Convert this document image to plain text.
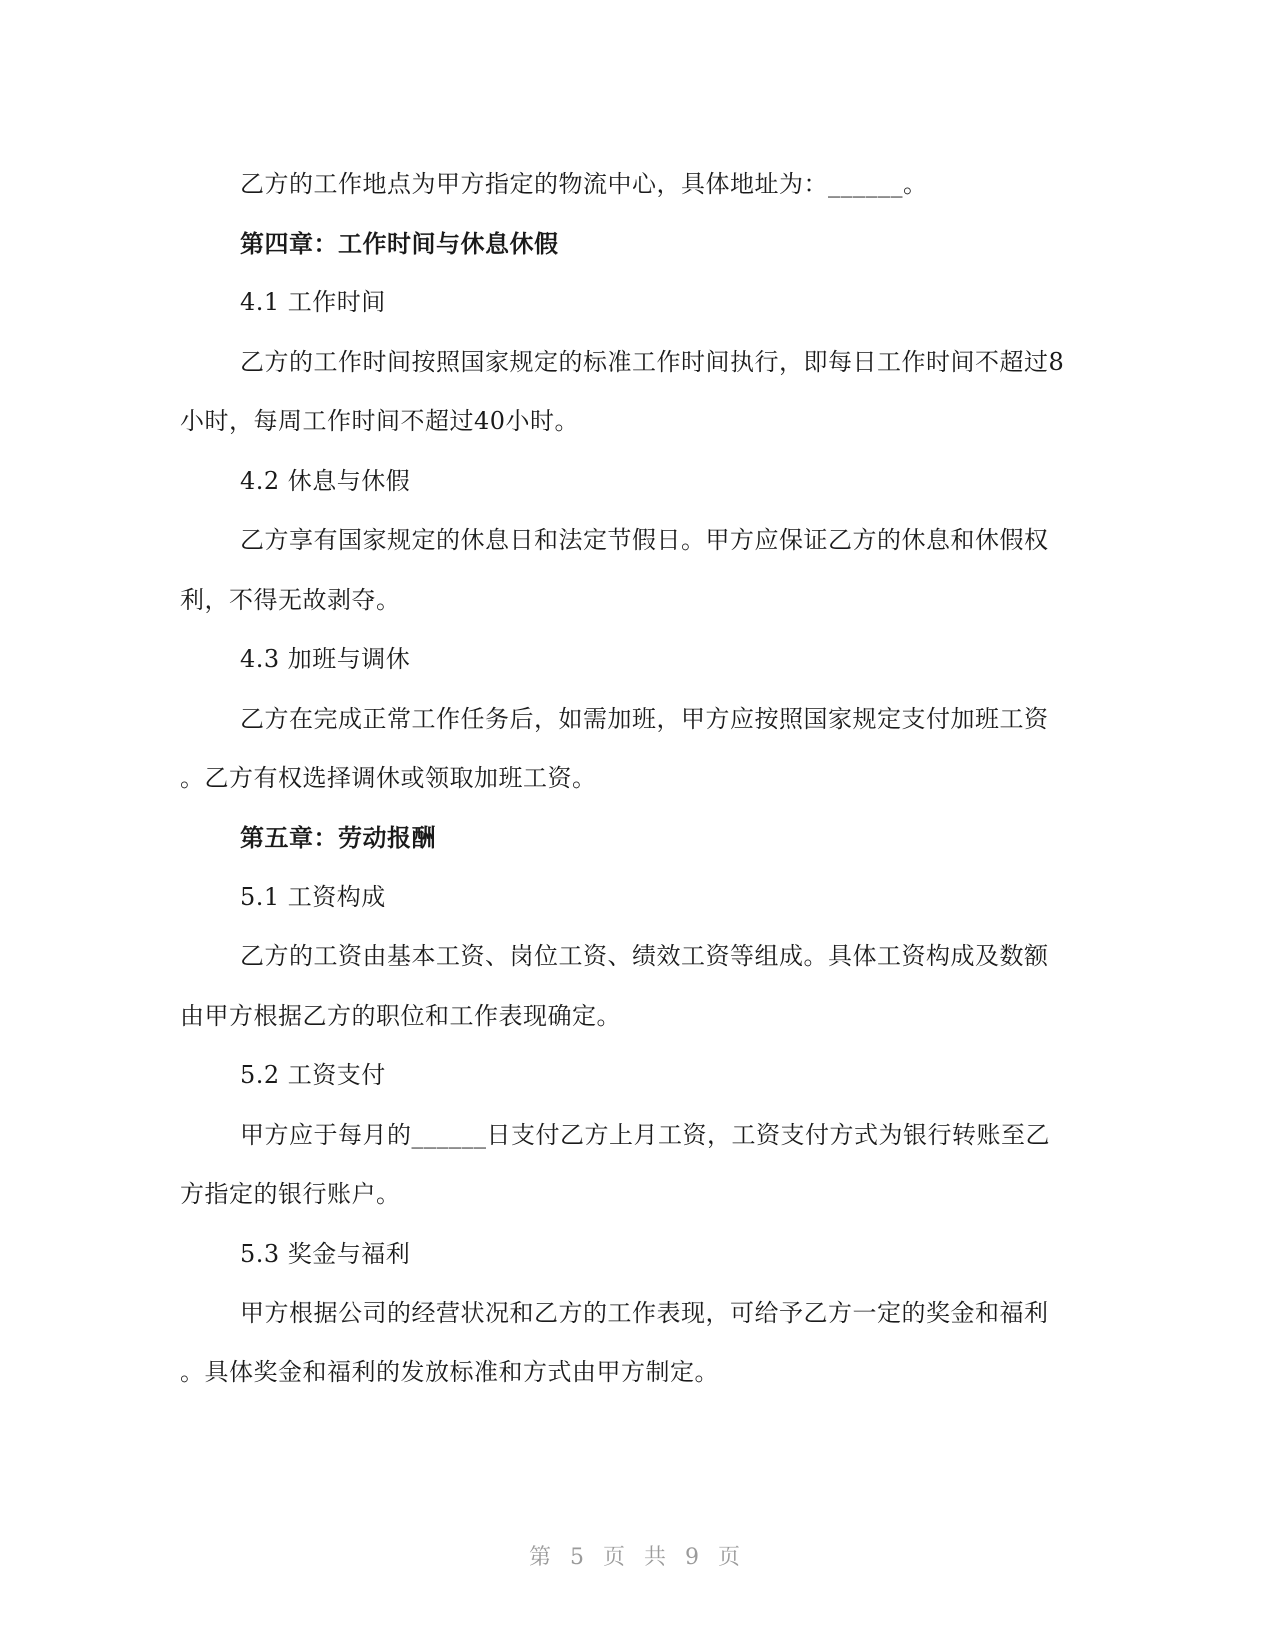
乙方的工作地点为甲方指定的物流中心，具体地址为：______。
第四章：工作时间与休息休假
4.1 工作时间
乙方的工作时间按照国家规定的标准工作时间执行，即每日工作时间不超过8
小时，每周工作时间不超过40小时。
4.2 休息与休假
乙方享有国家规定的休息日和法定节假日。甲方应保证乙方的休息和休假权
利，不得无故剥夺。
4.3 加班与调休
乙方在完成正常工作任务后，如需加班，甲方应按照国家规定支付加班工资
。乙方有权选择调休或领取加班工资。
第五章：劳动报酬
5.1 工资构成
乙方的工资由基本工资、岗位工资、绩效工资等组成。具体工资构成及数额
由甲方根据乙方的职位和工作表现确定。
5.2 工资支付
甲方应于每月的______日支付乙方上月工资，工资支付方式为银行转账至乙
方指定的银行账户。
5.3 奖金与福利
甲方根据公司的经营状况和乙方的工作表现，可给予乙方一定的奖金和福利
。具体奖金和福利的发放标准和方式由甲方制定。
第 5 页 共 9 页
